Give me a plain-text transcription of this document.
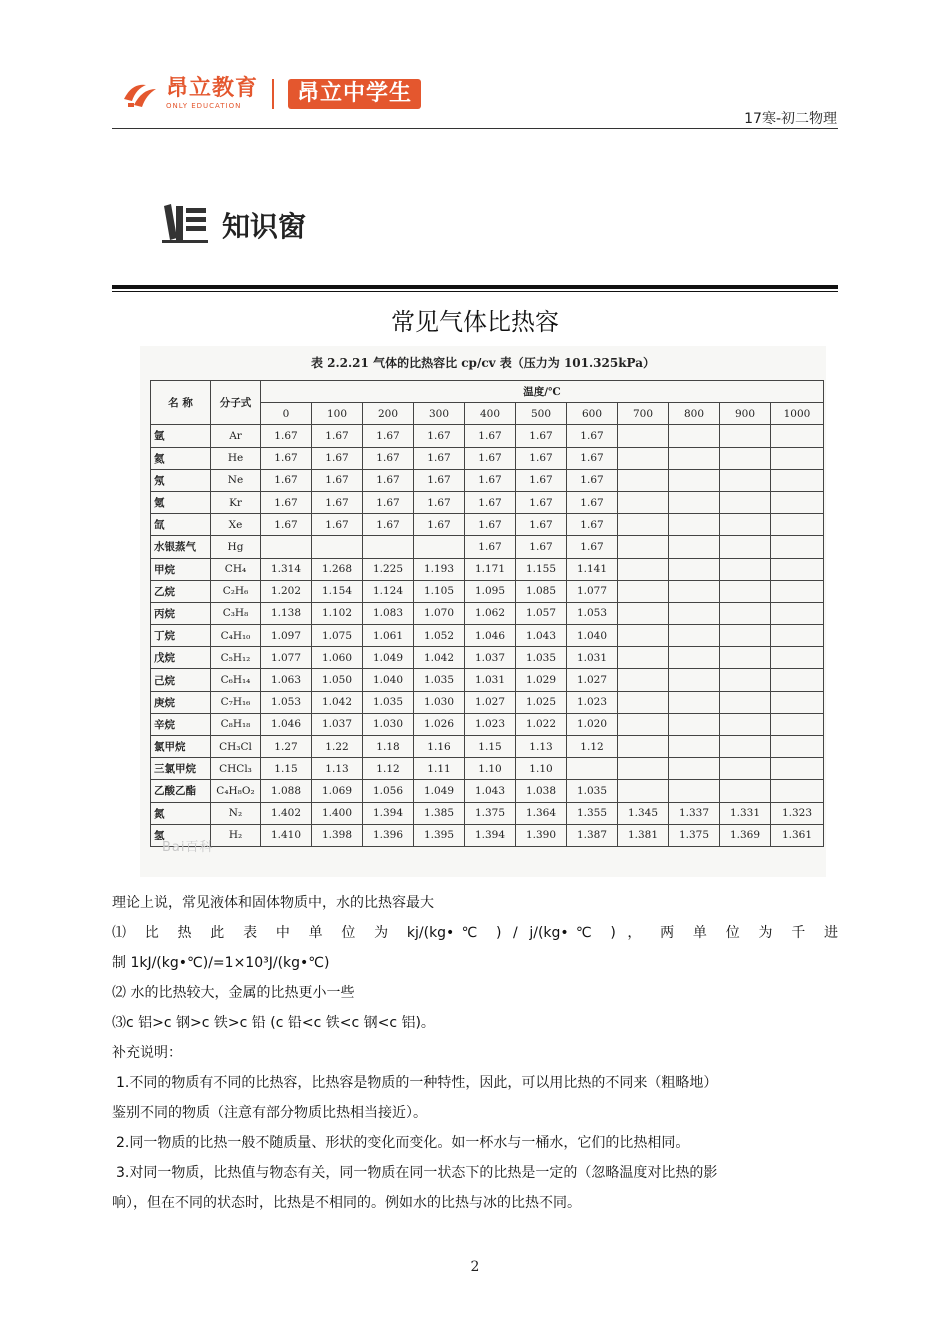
昂立教育
ONLY EDUCATION	昂立中学生
17寒-初二物理
知识窗
常见气体比热容
表 2.2.21 气体的比热容比 cp/cv 表（压力为 101.325kPa）
名 称	分子式	温度/℃										
		0	100	200	300	400	500	600	700	800	900	1000
氩	Ar	1.67	1.67	1.67	1.67	1.67	1.67	1.67				
氦	He	1.67	1.67	1.67	1.67	1.67	1.67	1.67				
氖	Ne	1.67	1.67	1.67	1.67	1.67	1.67	1.67				
氪	Kr	1.67	1.67	1.67	1.67	1.67	1.67	1.67				
氙	Xe	1.67	1.67	1.67	1.67	1.67	1.67	1.67				
水银蒸气	Hg					1.67	1.67	1.67				
甲烷	CH₄	1.314	1.268	1.225	1.193	1.171	1.155	1.141				
乙烷	C₂H₆	1.202	1.154	1.124	1.105	1.095	1.085	1.077				
丙烷	C₃H₈	1.138	1.102	1.083	1.070	1.062	1.057	1.053				
丁烷	C₄H₁₀	1.097	1.075	1.061	1.052	1.046	1.043	1.040				
戊烷	C₅H₁₂	1.077	1.060	1.049	1.042	1.037	1.035	1.031				
己烷	C₆H₁₄	1.063	1.050	1.040	1.035	1.031	1.029	1.027				
庚烷	C₇H₁₆	1.053	1.042	1.035	1.030	1.027	1.025	1.023				
辛烷	C₈H₁₈	1.046	1.037	1.030	1.026	1.023	1.022	1.020				
氯甲烷	CH₃Cl	1.27	1.22	1.18	1.16	1.15	1.13	1.12				
三氯甲烷	CHCl₃	1.15	1.13	1.12	1.11	1.10	1.10					
乙酸乙酯	C₄H₈O₂	1.088	1.069	1.056	1.049	1.043	1.038	1.035				
氮	N₂	1.402	1.400	1.394	1.385	1.375	1.364	1.355	1.345	1.337	1.331	1.323
氢	H₂	1.410	1.398	1.396	1.395	1.394	1.390	1.387	1.381	1.375	1.369	1.361
Bai百科

理论上说，常见液体和固体物质中，水的比热容最大

⑴ 比 热 此 表 中 单 位 为 kj/(kg•℃ ) / j/(kg•℃ ) ， 两 单 位 为 千 进

制 1kJ/(kg•℃)/=1×10³J/(kg•℃)

⑵ 水的比热较大，金属的比热更小一些

⑶c 铝>c 钢>c 铁>c 铅 (c 铅<c 铁<c 钢<c 铝)。

补充说明：

1.不同的物质有不同的比热容，比热容是物质的一种特性，因此，可以用比热的不同来（粗略地）

鉴别不同的物质（注意有部分物质比热相当接近）。

2.同一物质的比热一般不随质量、形状的变化而变化。如一杯水与一桶水，它们的比热相同。

3.对同一物质，比热值与物态有关，同一物质在同一状态下的比热是一定的（忽略温度对比热的影

响），但在不同的状态时，比热是不相同的。例如水的比热与冰的比热不同。

2
